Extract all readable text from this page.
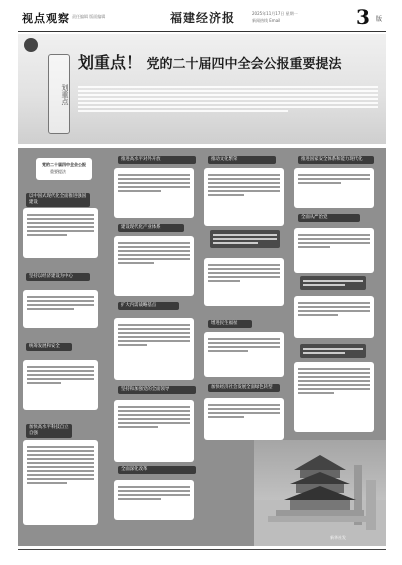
视点观察 责任编辑 版面编辑	福建经济报	2025年11月17日 星期一
新闻热线 Email	3 版
划重点
划重点！ 党的二十届四中全会公报重要提法
党的二十届四中全会公报
重要提法
以中国式现代化全面推进强国建设
坚持以经济建设为中心
统筹发展和安全
加快高水平科技自立自强
推进高水平对外开放
建设现代化产业体系
扩大内需战略基点
坚持和加强党的全面领导
全面深化改革
推动文化繁荣
增进民生福祉
加快经济社会发展全面绿色转型
推进国家安全体系和能力现代化
全面从严治党
新华社发
